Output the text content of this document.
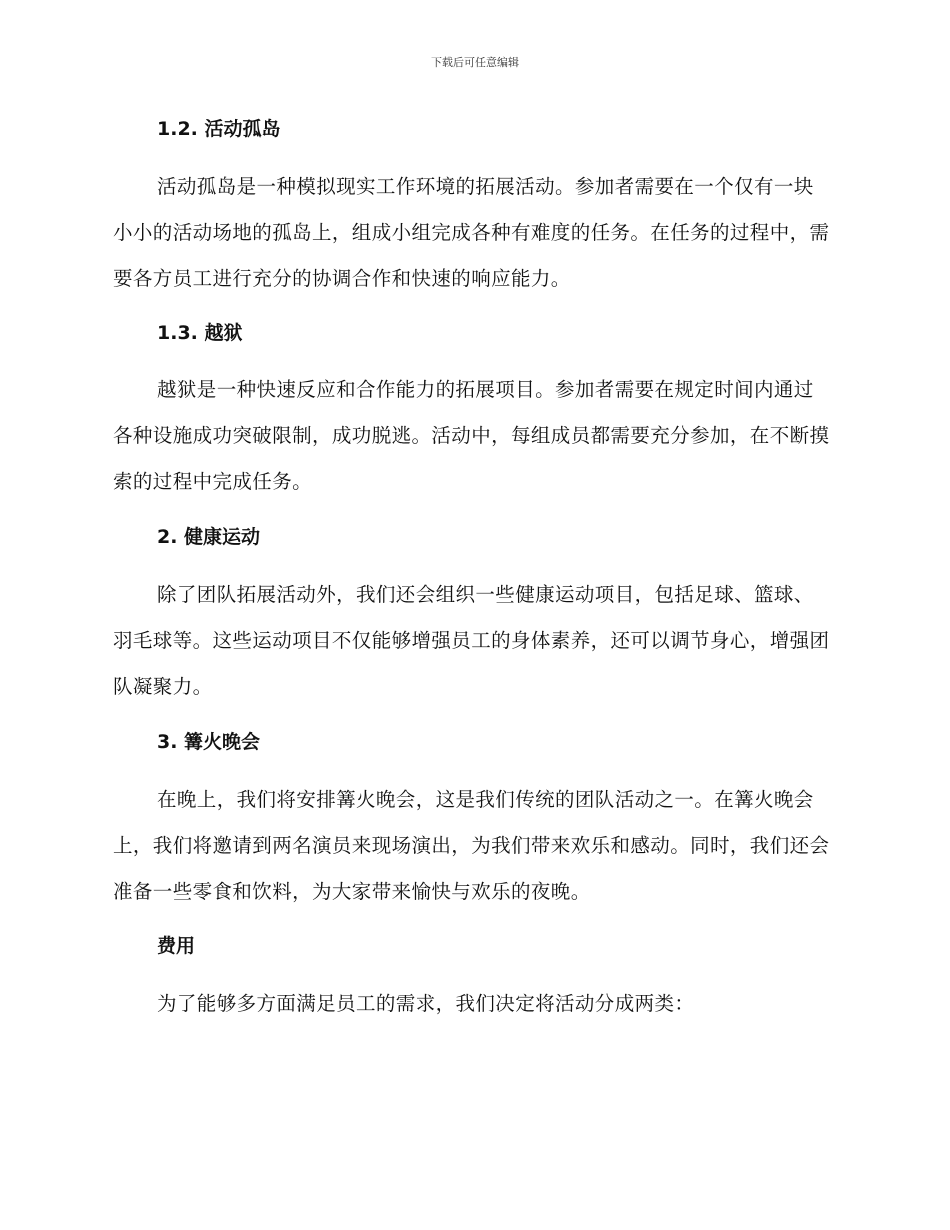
下载后可任意编辑
1.2. 活动孤岛
活动孤岛是一种模拟现实工作环境的拓展活动。参加者需要在一个仅有一块小小的活动场地的孤岛上，组成小组完成各种有难度的任务。在任务的过程中，需要各方员工进行充分的协调合作和快速的响应能力。
1.3. 越狱
越狱是一种快速反应和合作能力的拓展项目。参加者需要在规定时间内通过各种设施成功突破限制，成功脱逃。活动中，每组成员都需要充分参加，在不断摸索的过程中完成任务。
2. 健康运动
除了团队拓展活动外，我们还会组织一些健康运动项目，包括足球、篮球、羽毛球等。这些运动项目不仅能够增强员工的身体素养，还可以调节身心，增强团队凝聚力。
3. 篝火晚会
在晚上，我们将安排篝火晚会，这是我们传统的团队活动之一。在篝火晚会上，我们将邀请到两名演员来现场演出，为我们带来欢乐和感动。同时，我们还会准备一些零食和饮料，为大家带来愉快与欢乐的夜晚。
费用
为了能够多方面满足员工的需求，我们决定将活动分成两类：
